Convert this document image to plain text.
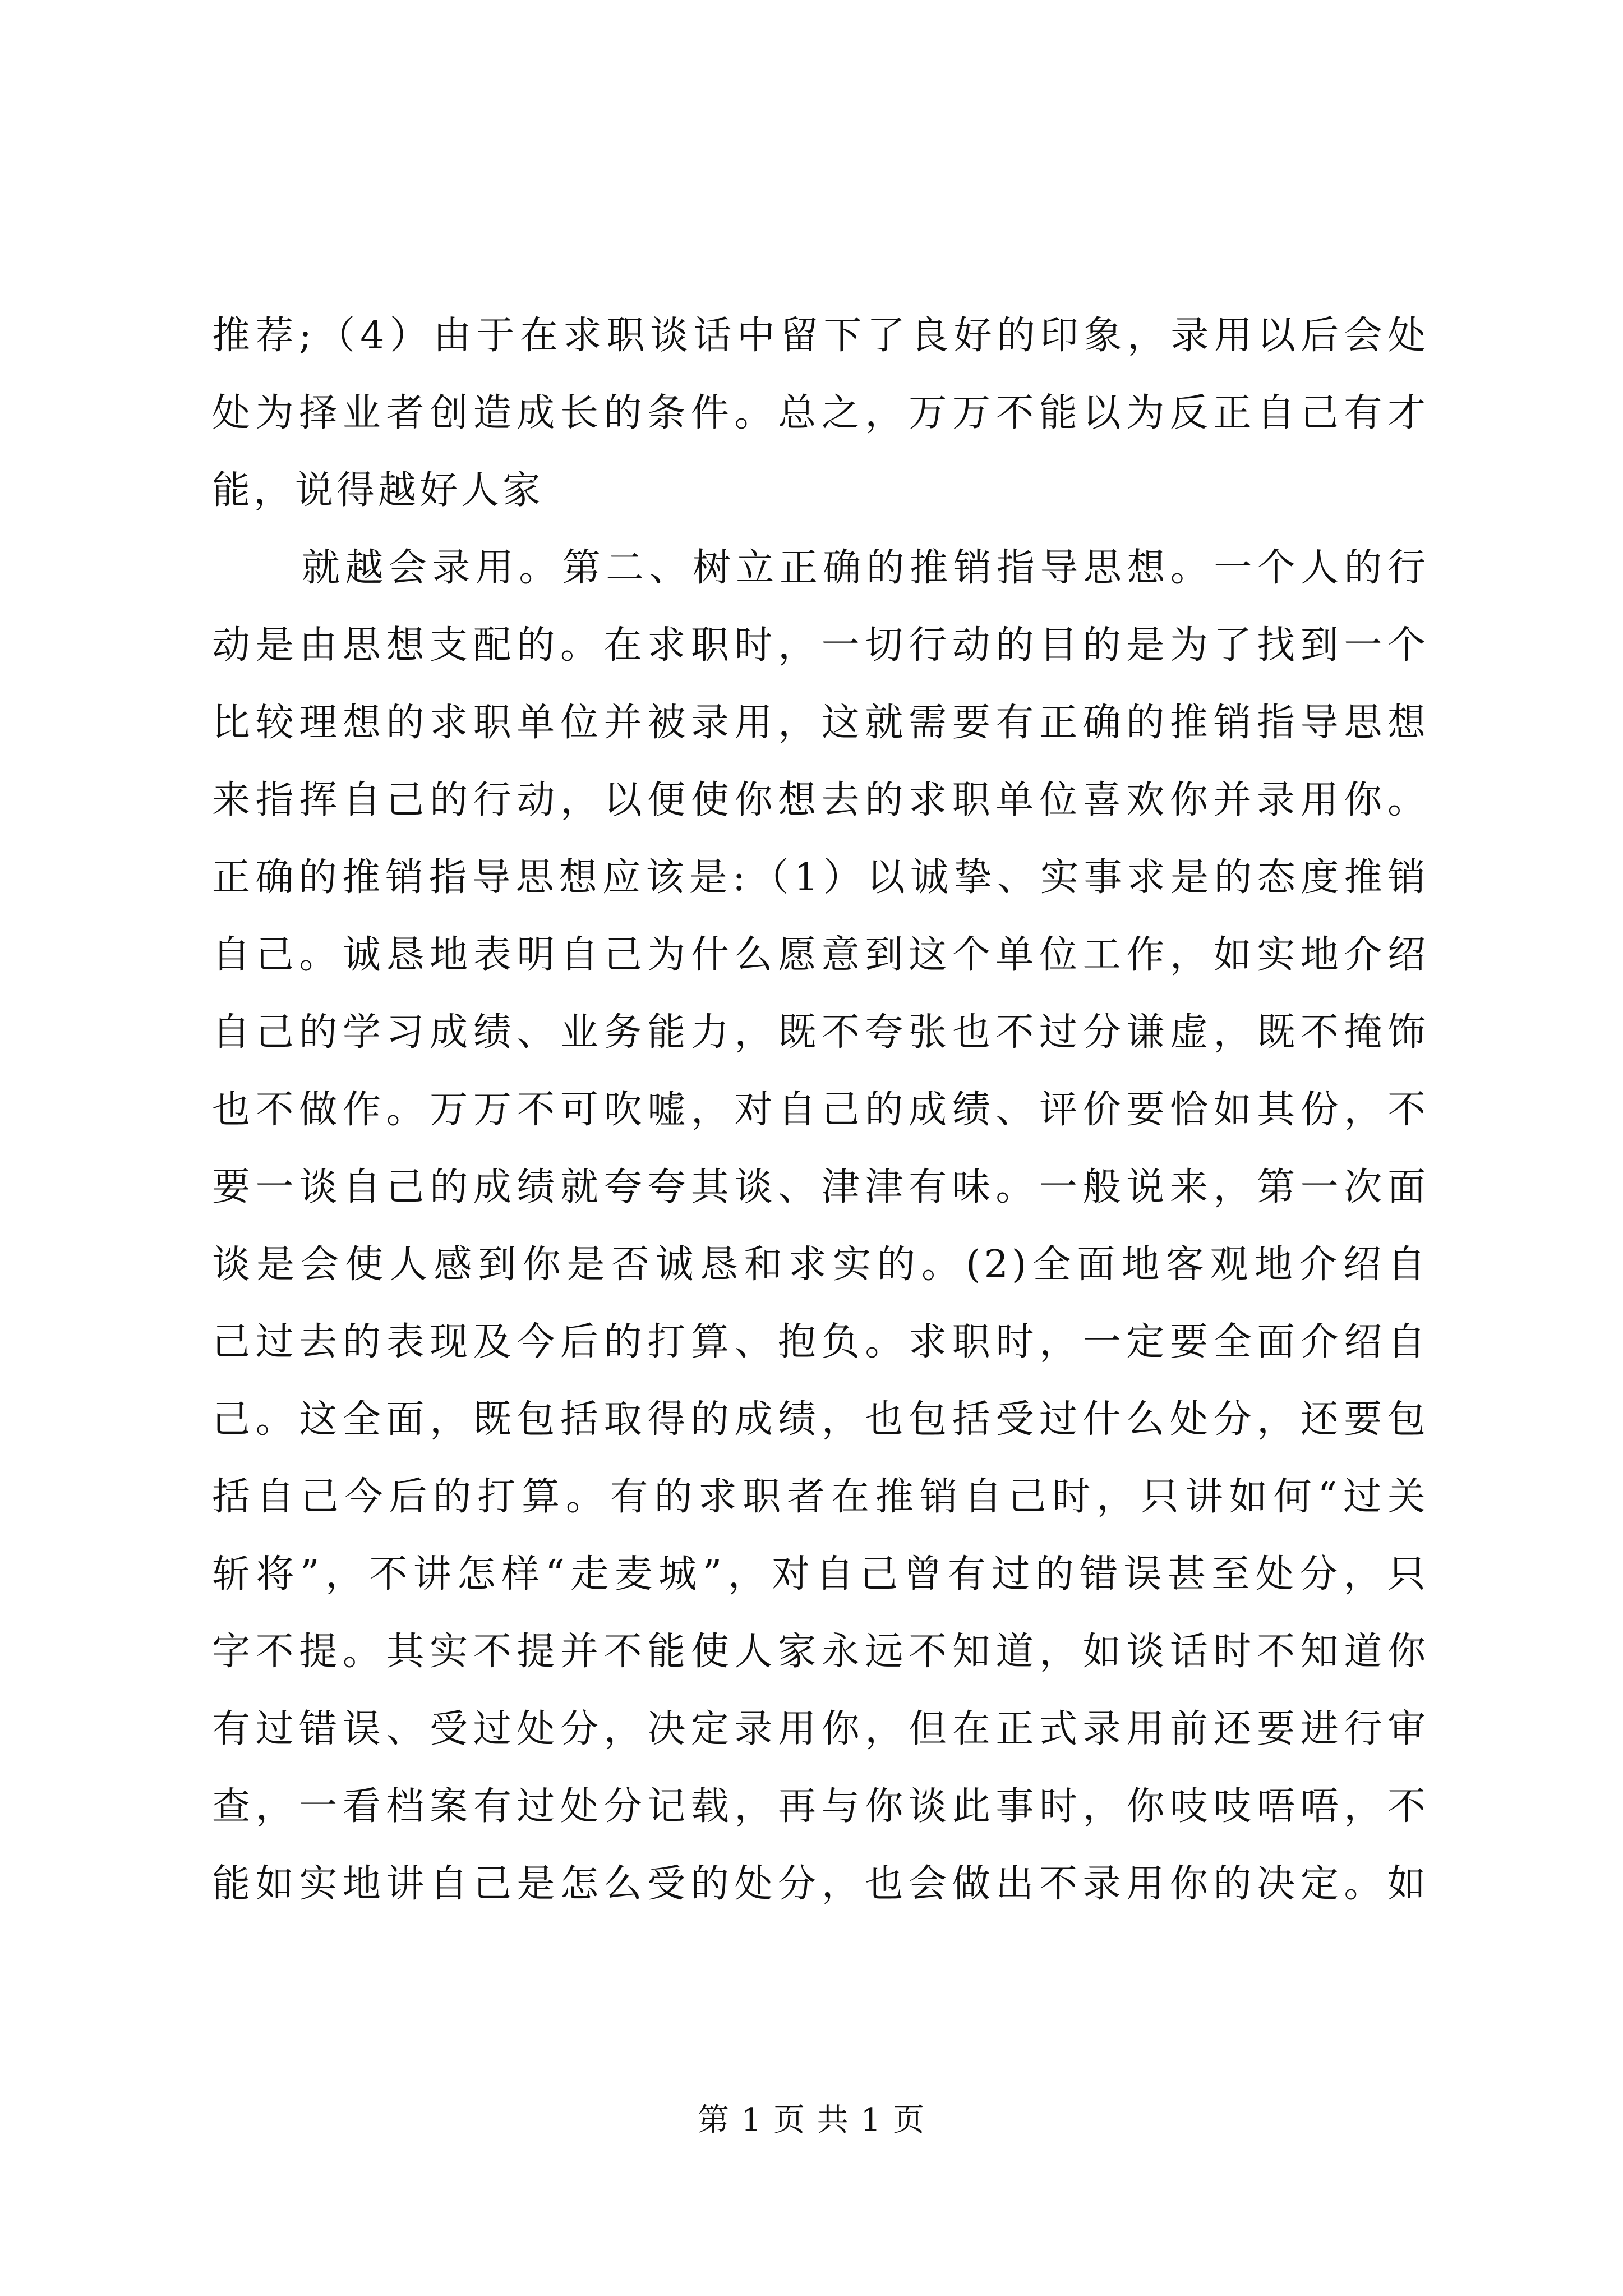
推荐;（4）由于在求职谈话中留下了良好的印象，录用以后会处
处为择业者创造成长的条件。总之，万万不能以为反正自己有才
能，说得越好人家
就越会录用。第二、树立正确的推销指导思想。一个人的行
动是由思想支配的。在求职时，一切行动的目的是为了找到一个
比较理想的求职单位并被录用，这就需要有正确的推销指导思想
来指挥自己的行动，以便使你想去的求职单位喜欢你并录用你。
正确的推销指导思想应该是:（1）以诚挚、实事求是的态度推销
自己。诚恳地表明自己为什么愿意到这个单位工作，如实地介绍
自己的学习成绩、业务能力，既不夸张也不过分谦虚，既不掩饰
也不做作。万万不可吹嘘，对自己的成绩、评价要恰如其份，不
要一谈自己的成绩就夸夸其谈、津津有味。一般说来，第一次面
谈是会使人感到你是否诚恳和求实的。(2)全面地客观地介绍自
己过去的表现及今后的打算、抱负。求职时，一定要全面介绍自
己。这全面，既包括取得的成绩，也包括受过什么处分，还要包
括自己今后的打算。有的求职者在推销自己时，只讲如何“过关
斩将”，不讲怎样“走麦城”，对自己曾有过的错误甚至处分，只
字不提。其实不提并不能使人家永远不知道，如谈话时不知道你
有过错误、受过处分，决定录用你，但在正式录用前还要进行审
查，一看档案有过处分记载，再与你谈此事时，你吱吱唔唔，不
能如实地讲自己是怎么受的处分，也会做出不录用你的决定。如
第 1 页 共 1 页
